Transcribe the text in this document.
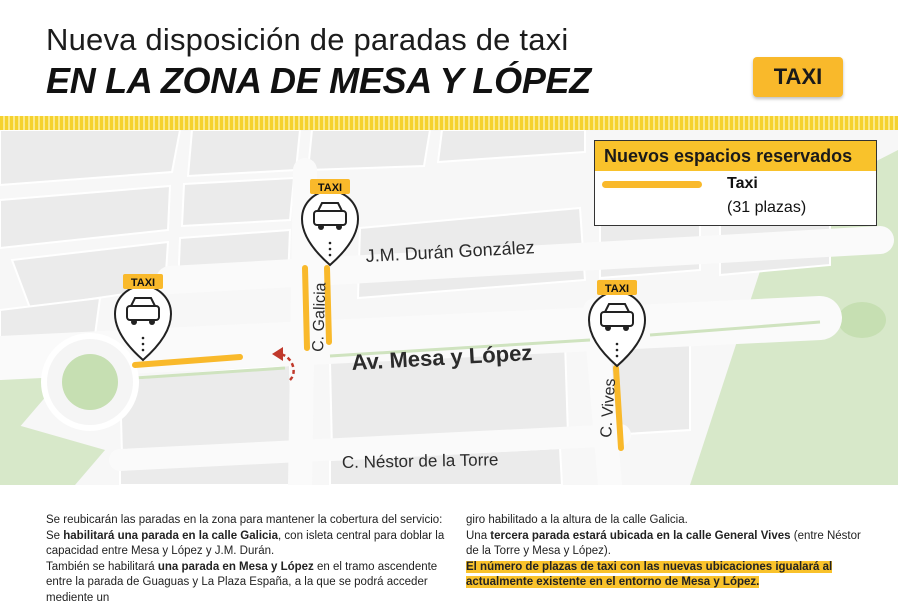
Nueva disposición de paradas de taxi
EN LA ZONA DE MESA Y LÓPEZ	TAXI
Av. Mesa y López
J.M. Durán González
C. Galicia
C. Vives
C. Néstor de la Torre
TAXI
TAXI
TAXI
Nuevos espacios reservados
Taxi
(31 plazas)

Se reubicarán las paradas en la zona para mantener la cobertura del servicio:

Se habilitará una parada en la calle Galicia, con isleta central para doblar la capacidad entre Mesa y López y J.M. Durán.

También se habilitará una parada en Mesa y López en el tramo ascendente entre la parada de Guaguas y La Plaza España, a la que se podrá acceder mediente un

giro habilitado a la altura de la calle Galicia.

Una tercera parada estará ubicada en la calle General Vives (entre Néstor de la Torre y Mesa y López).

El número de plazas de taxi con las nuevas ubicaciones igualará al actualmente existente en el entorno de Mesa y López.
